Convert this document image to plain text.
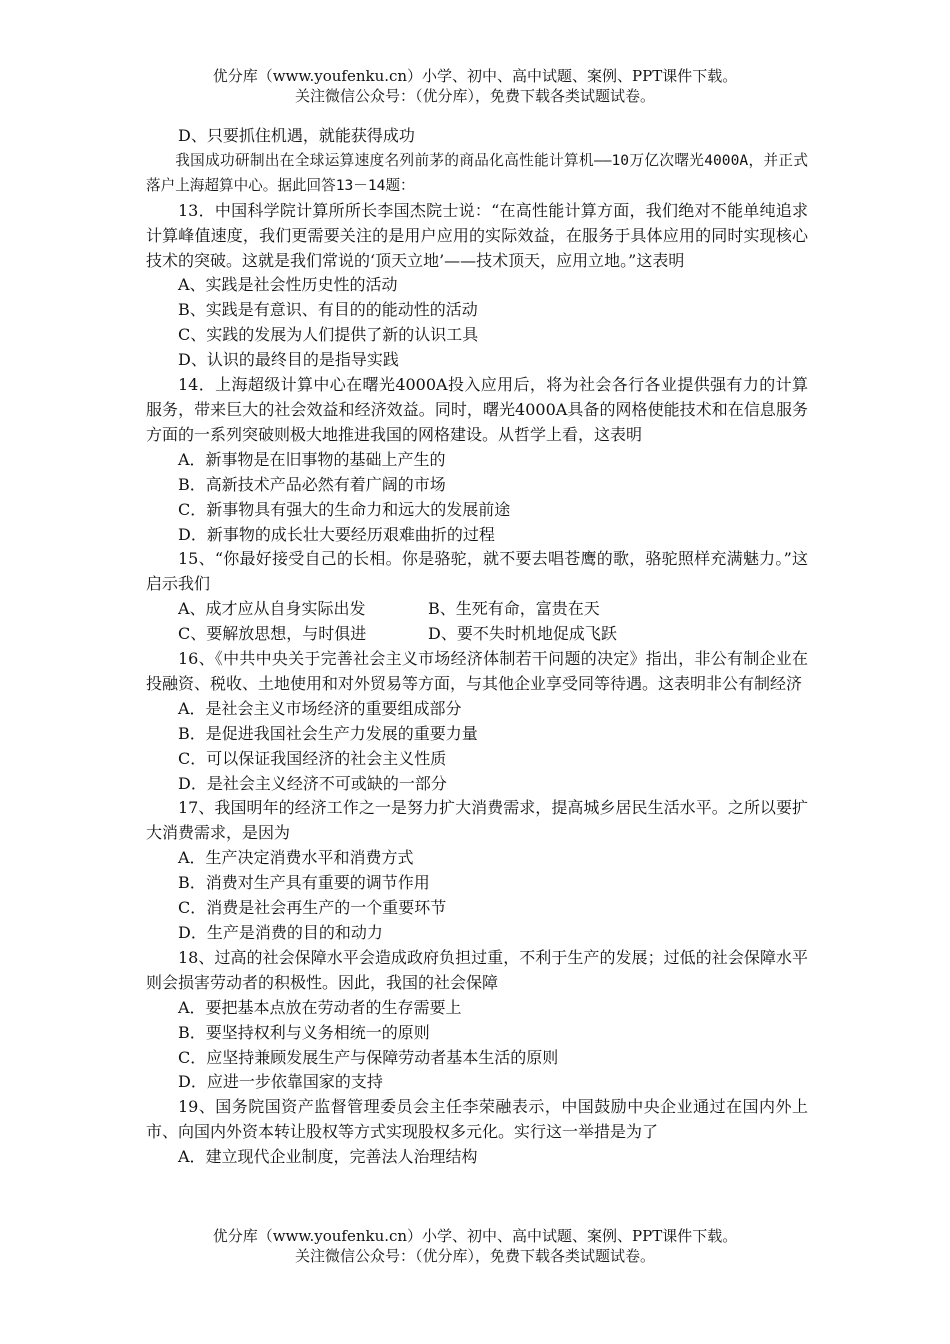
优分库（www.youfenku.cn）小学、初中、高中试题、案例、PPT课件下载。
关注微信公众号：（优分库），免费下载各类试题试卷。
D、只要抓住机遇，就能获得成功
我国成功研制出在全球运算速度名列前茅的商品化高性能计算机——10万亿次曙光4000A，并正式落户上海超算中心。据此回答13－14题：
13．中国科学院计算所所长李国杰院士说：“在高性能计算方面，我们绝对不能单纯追求计算峰值速度，我们更需要关注的是用户应用的实际效益，在服务于具体应用的同时实现核心技术的突破。这就是我们常说的‘顶天立地’——技术顶天，应用立地。”这表明
A、实践是社会性历史性的活动
B、实践是有意识、有目的的能动性的活动
C、实践的发展为人们提供了新的认识工具
D、认识的最终目的是指导实践
14．上海超级计算中心在曙光4000A投入应用后，将为社会各行各业提供强有力的计算服务，带来巨大的社会效益和经济效益。同时，曙光4000A具备的网格使能技术和在信息服务方面的一系列突破则极大地推进我国的网格建设。从哲学上看，这表明
A．新事物是在旧事物的基础上产生的
B．高新技术产品必然有着广阔的市场
C．新事物具有强大的生命力和远大的发展前途
D．新事物的成长壮大要经历艰难曲折的过程
15、“你最好接受自己的长相。你是骆驼，就不要去唱苍鹰的歌，骆驼照样充满魅力。”这启示我们
A、成才应从自身实际出发	B、生死有命，富贵在天
C、要解放思想，与时俱进	D、要不失时机地促成飞跃
16、《中共中央关于完善社会主义市场经济体制若干问题的决定》指出，非公有制企业在投融资、税收、土地使用和对外贸易等方面，与其他企业享受同等待遇。这表明非公有制经济
A．是社会主义市场经济的重要组成部分
B．是促进我国社会生产力发展的重要力量
C．可以保证我国经济的社会主义性质
D．是社会主义经济不可或缺的一部分
17、我国明年的经济工作之一是努力扩大消费需求，提高城乡居民生活水平。之所以要扩大消费需求，是因为
A．生产决定消费水平和消费方式
B．消费对生产具有重要的调节作用
C．消费是社会再生产的一个重要环节
D．生产是消费的目的和动力
18、过高的社会保障水平会造成政府负担过重，不利于生产的发展；过低的社会保障水平则会损害劳动者的积极性。因此，我国的社会保障
A．要把基本点放在劳动者的生存需要上
B．要坚持权利与义务相统一的原则
C．应坚持兼顾发展生产与保障劳动者基本生活的原则
D．应进一步依靠国家的支持
19、国务院国资产监督管理委员会主任李荣融表示，中国鼓励中央企业通过在国内外上市、向国内外资本转让股权等方式实现股权多元化。实行这一举措是为了
A．建立现代企业制度，完善法人治理结构
优分库（www.youfenku.cn）小学、初中、高中试题、案例、PPT课件下载。
关注微信公众号：（优分库），免费下载各类试题试卷。
